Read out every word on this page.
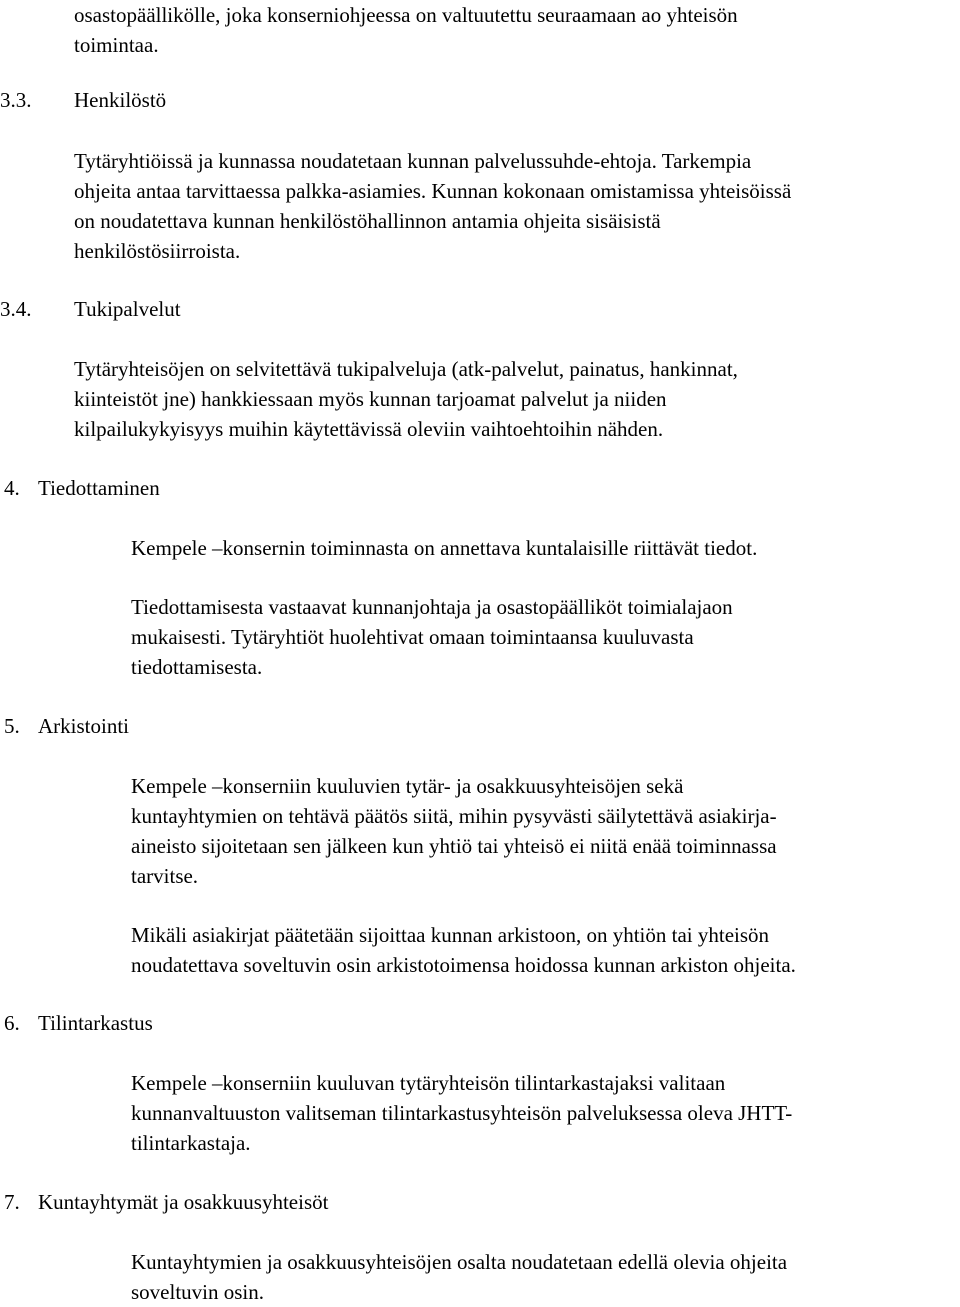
osastopäällikölle, joka konserniohjeessa on valtuutettu seuraamaan ao yhteisön
toimintaa.
3.3. Henkilöstö
Tytäryhtiöissä ja kunnassa noudatetaan kunnan palvelussuhde-ehtoja. Tarkempia
ohjeita antaa tarvittaessa palkka-asiamies. Kunnan kokonaan omistamissa yhteisöissä
on noudatettava kunnan henkilöstöhallinnon antamia ohjeita sisäisistä
henkilöstösiirroista.
3.4. Tukipalvelut
Tytäryhteisöjen on selvitettävä tukipalveluja (atk-palvelut, painatus, hankinnat,
kiinteistöt jne) hankkiessaan myös kunnan tarjoamat palvelut ja niiden
kilpailukykyisyys muihin käytettävissä oleviin vaihtoehtoihin nähden.
4. Tiedottaminen
Kempele –konsernin toiminnasta on annettava kuntalaisille riittävät tiedot.
Tiedottamisesta vastaavat kunnanjohtaja ja osastopäälliköt toimialajaon
mukaisesti. Tytäryhtiöt huolehtivat omaan toimintaansa kuuluvasta
tiedottamisesta.
5. Arkistointi
Kempele –konserniin kuuluvien tytär- ja osakkuusyhteisöjen sekä
kuntayhtymien on tehtävä päätös siitä, mihin pysyvästi säilytettävä asiakirja-
aineisto sijoitetaan sen jälkeen kun yhtiö tai yhteisö ei niitä enää toiminnassa
tarvitse.
Mikäli asiakirjat päätetään sijoittaa kunnan arkistoon, on yhtiön tai yhteisön
noudatettava soveltuvin osin arkistotoimensa hoidossa kunnan arkiston ohjeita.
6. Tilintarkastus
Kempele –konserniin kuuluvan tytäryhteisön tilintarkastajaksi valitaan
kunnanvaltuuston valitseman tilintarkastusyhteisön palveluksessa oleva JHTT-
tilintarkastaja.
7. Kuntayhtymät ja osakkuusyhteisöt
Kuntayhtymien ja osakkuusyhteisöjen osalta noudatetaan edellä olevia ohjeita
soveltuvin osin.
